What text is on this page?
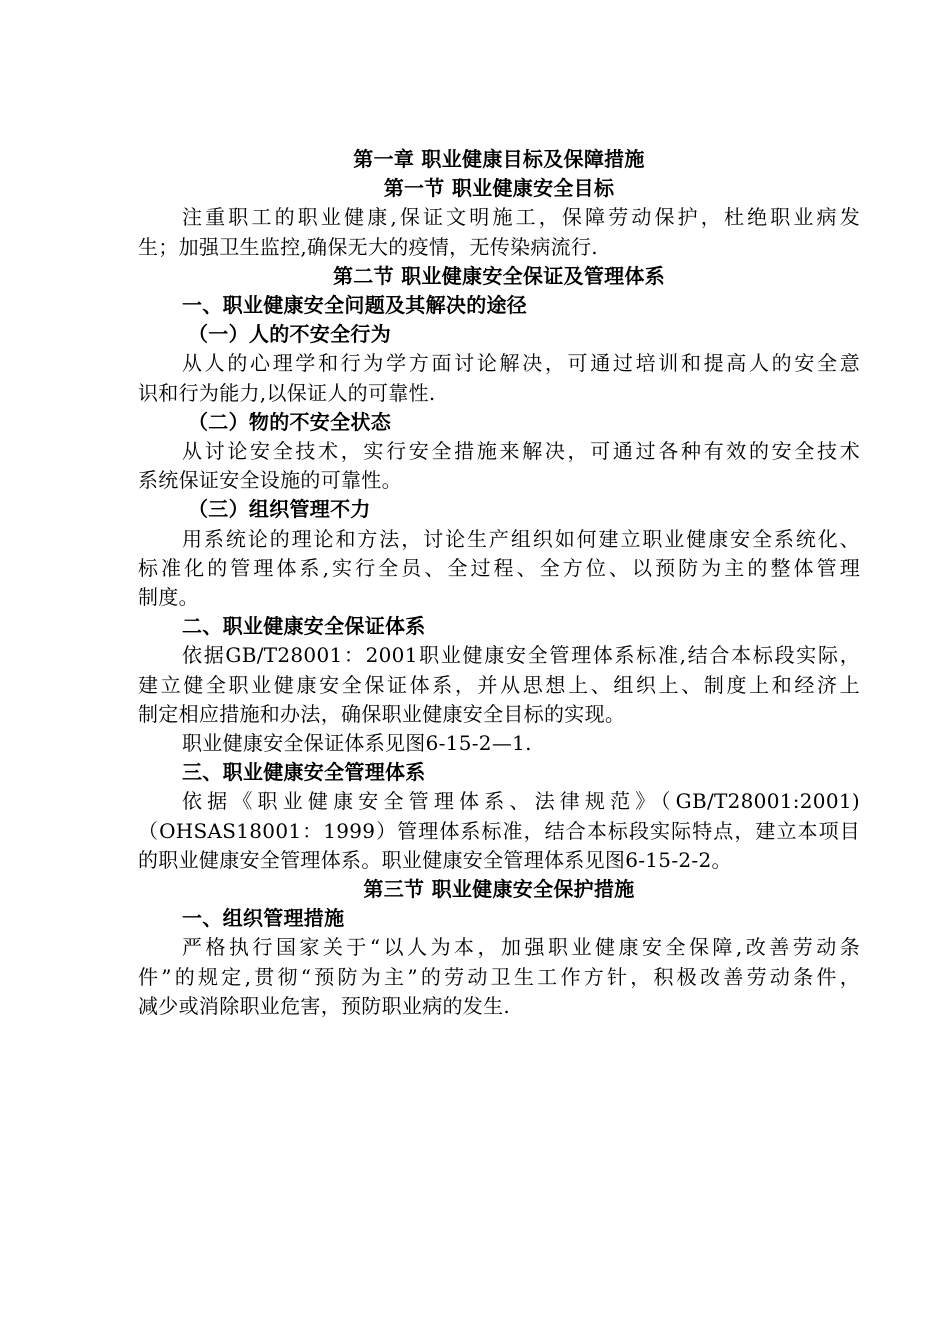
第一章 职业健康目标及保障措施
第一节 职业健康安全目标
注重职工的职业健康,保证文明施工，保障劳动保护，杜绝职业病发
生；加强卫生监控,确保无大的疫情，无传染病流行.
第二节 职业健康安全保证及管理体系
一、职业健康安全问题及其解决的途径
（一）人的不安全行为
从人的心理学和行为学方面讨论解决，可通过培训和提高人的安全意
识和行为能力,以保证人的可靠性.
（二）物的不安全状态
从讨论安全技术，实行安全措施来解决，可通过各种有效的安全技术
系统保证安全设施的可靠性。
（三）组织管理不力
用系统论的理论和方法，讨论生产组织如何建立职业健康安全系统化、
标准化的管理体系,实行全员、全过程、全方位、以预防为主的整体管理
制度。
二、职业健康安全保证体系
依据GB/T28001：2001职业健康安全管理体系标准,结合本标段实际，
建立健全职业健康安全保证体系，并从思想上、组织上、制度上和经济上
制定相应措施和办法，确保职业健康安全目标的实现。
职业健康安全保证体系见图6-15-2—1.
三、职业健康安全管理体系
依据《职业健康安全管理体系、法律规范》（GB/T28001:2001)
（OHSAS18001：1999）管理体系标准，结合本标段实际特点，建立本项目
的职业健康安全管理体系。职业健康安全管理体系见图6-15-2-2。
第三节 职业健康安全保护措施
一、组织管理措施
严格执行国家关于“以人为本，加强职业健康安全保障,改善劳动条
件”的规定,贯彻“预防为主”的劳动卫生工作方针，积极改善劳动条件，
减少或消除职业危害，预防职业病的发生.
